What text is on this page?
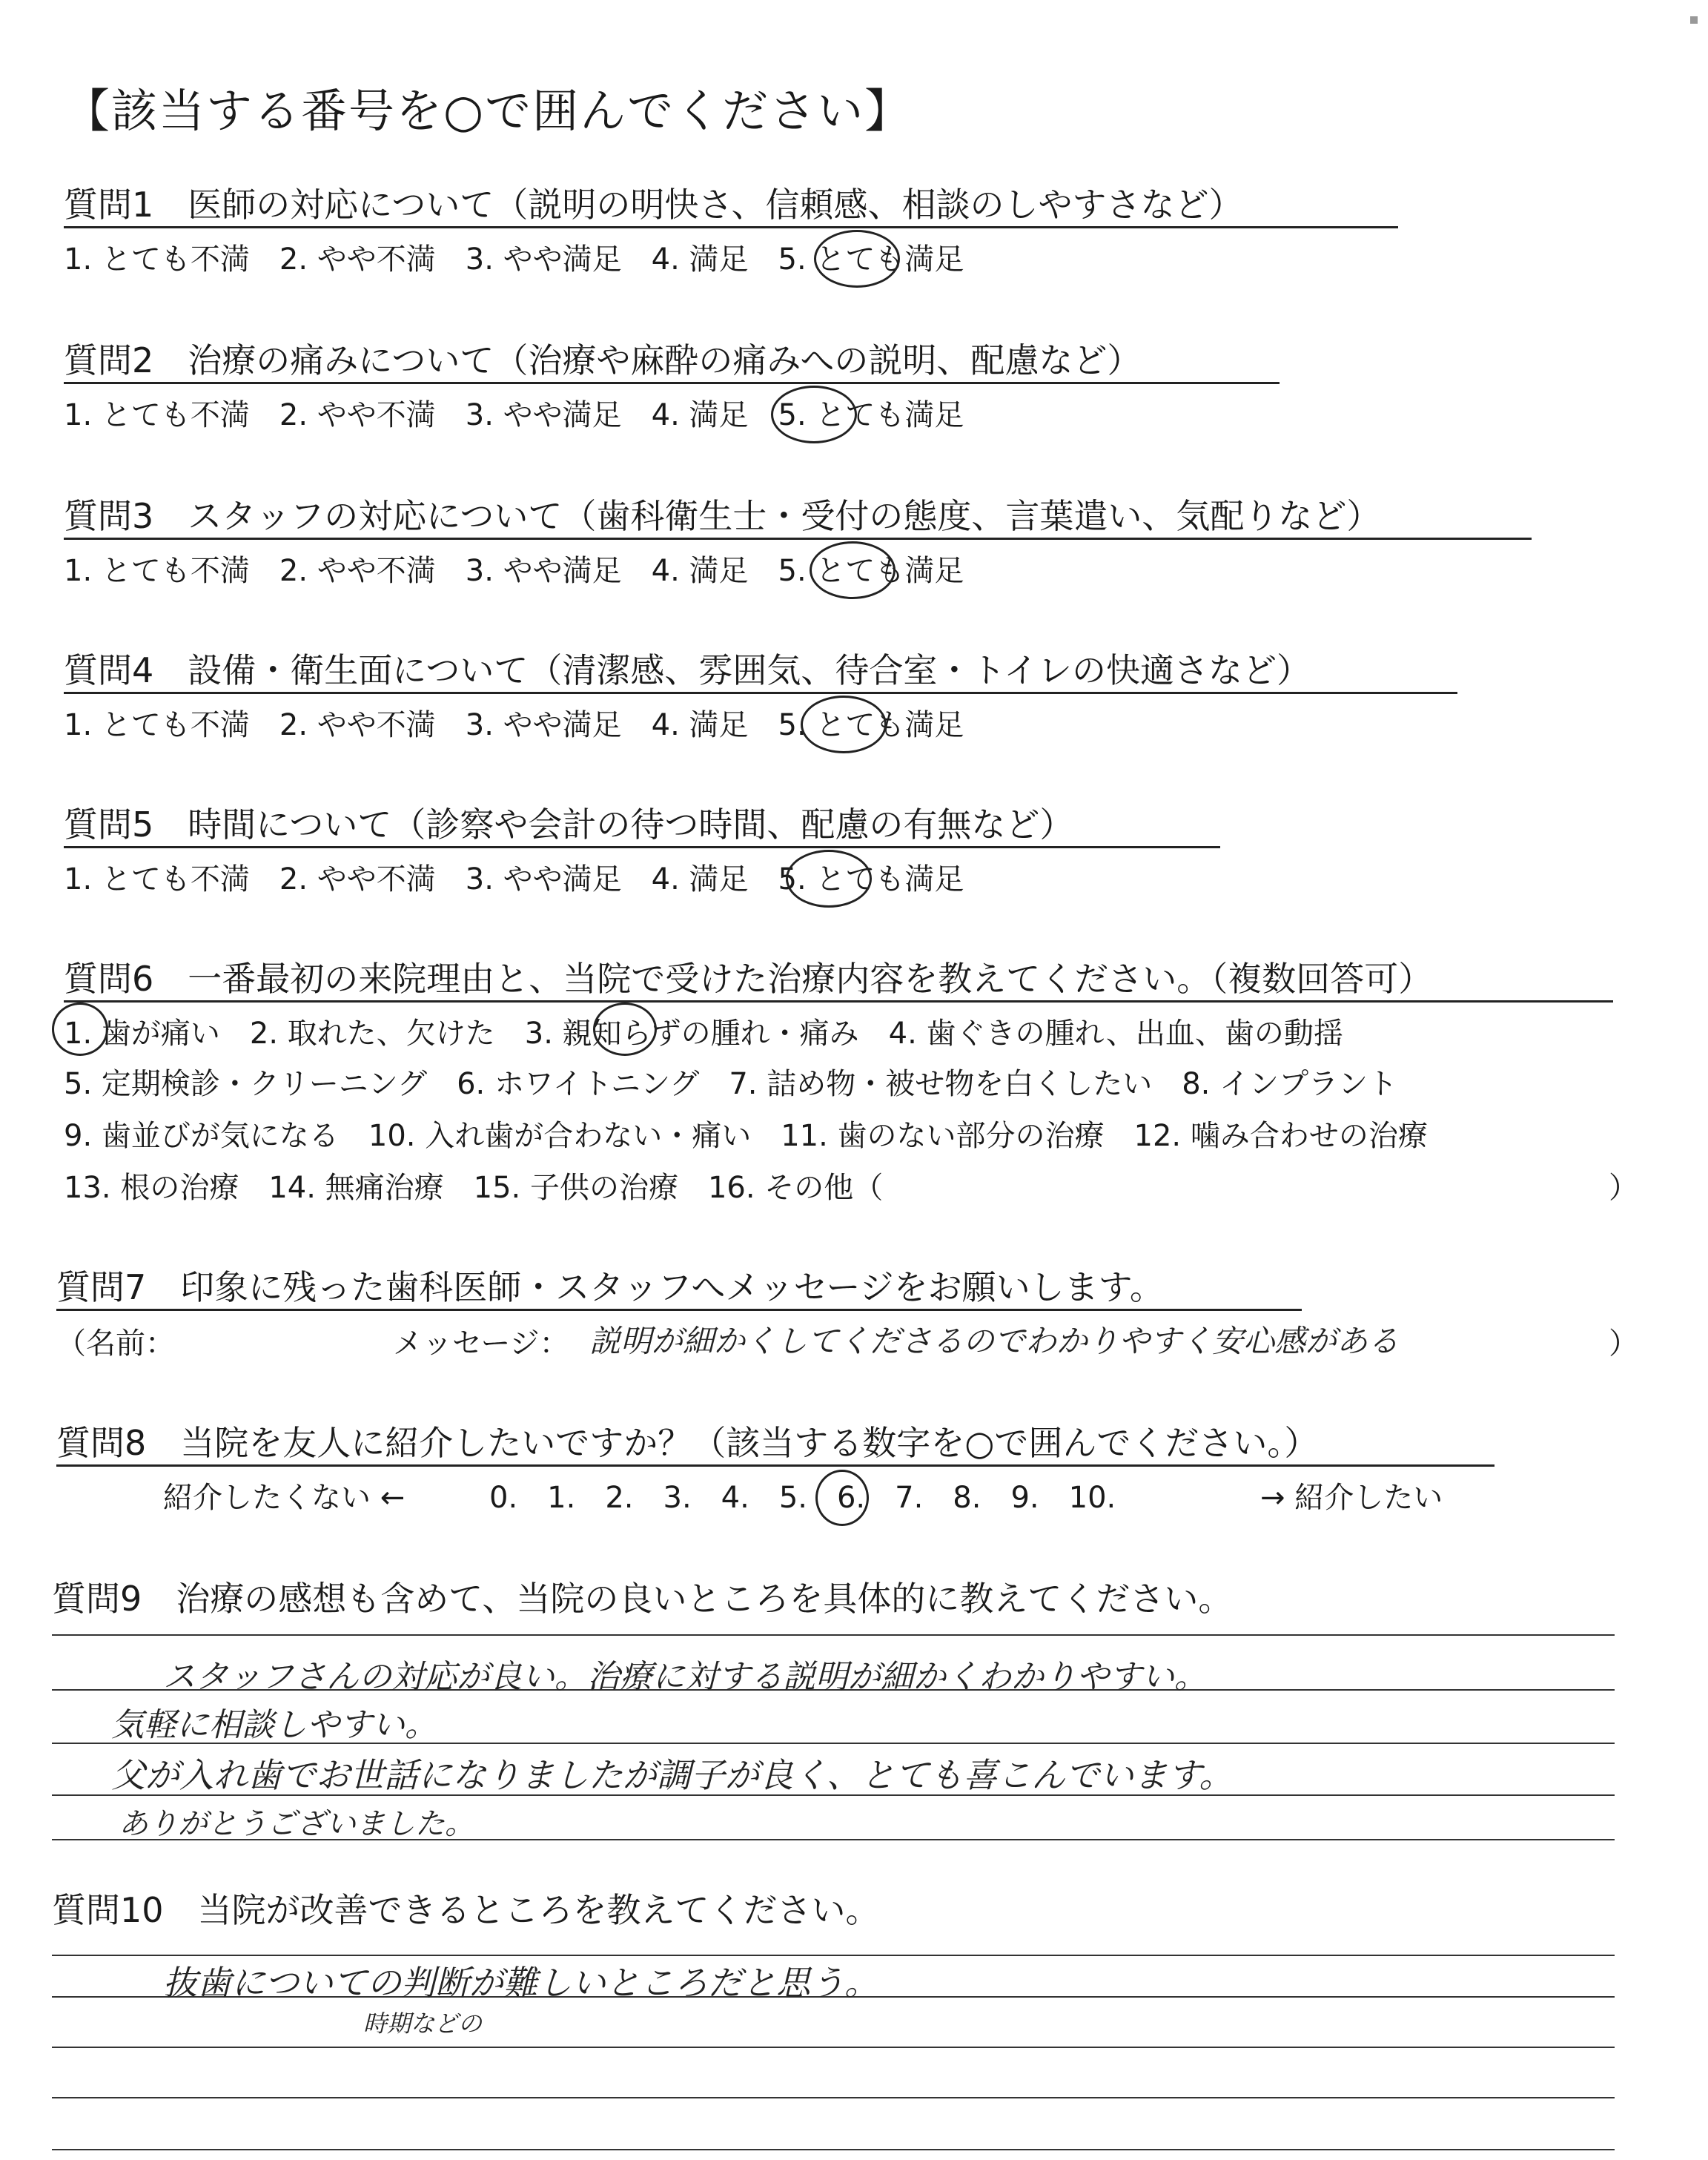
【該当する番号を○で囲んでください】
質問1　医師の対応について（説明の明快さ、信頼感、相談のしやすさなど）
1. とても不満　2. やや不満　3. やや満足　4. 満足　5. とても満足
質問2　治療の痛みについて（治療や麻酔の痛みへの説明、配慮など）
1. とても不満　2. やや不満　3. やや満足　4. 満足　5. とても満足
質問3　スタッフの対応について（歯科衛生士・受付の態度、言葉遣い、気配りなど）
1. とても不満　2. やや不満　3. やや満足　4. 満足　5. とても満足
質問4　設備・衛生面について（清潔感、雰囲気、待合室・トイレの快適さなど）
1. とても不満　2. やや不満　3. やや満足　4. 満足　5. とても満足
質問5　時間について（診察や会計の待つ時間、配慮の有無など）
1. とても不満　2. やや不満　3. やや満足　4. 満足　5. とても満足
質問6　一番最初の来院理由と、当院で受けた治療内容を教えてください。（複数回答可）
1. 歯が痛い　2. 取れた、欠けた　3. 親知らずの腫れ・痛み　4. 歯ぐきの腫れ、出血、歯の動揺
5. 定期検診・クリーニング　6. ホワイトニング　7. 詰め物・被せ物を白くしたい　8. インプラント
9. 歯並びが気になる　10. 入れ歯が合わない・痛い　11. 歯のない部分の治療　12. 噛み合わせの治療
13. 根の治療　14. 無痛治療　15. 子供の治療　16. その他（	）
質問7　印象に残った歯科医師・スタッフへメッセージをお願いします。
（名前：	メッセージ： 説明が細かくしてくださるのでわかりやすく安心感がある	）
質問8　当院を友人に紹介したいですか？（該当する数字を○で囲んでください。）
紹介したくない ←	0.　1.　2.　3.　4.　5.　6.　7.　8.　9.　10.	→ 紹介したい
質問9　治療の感想も含めて、当院の良いところを具体的に教えてください。
スタッフさんの対応が良い。治療に対する説明が細かくわかりやすい。
気軽に相談しやすい。
父が入れ歯でお世話になりましたが調子が良く、とても喜こんでいます。
ありがとうございました。
質問10　当院が改善できるところを教えてください。
抜歯についての判断が難しいところだと思う。
時期などの
